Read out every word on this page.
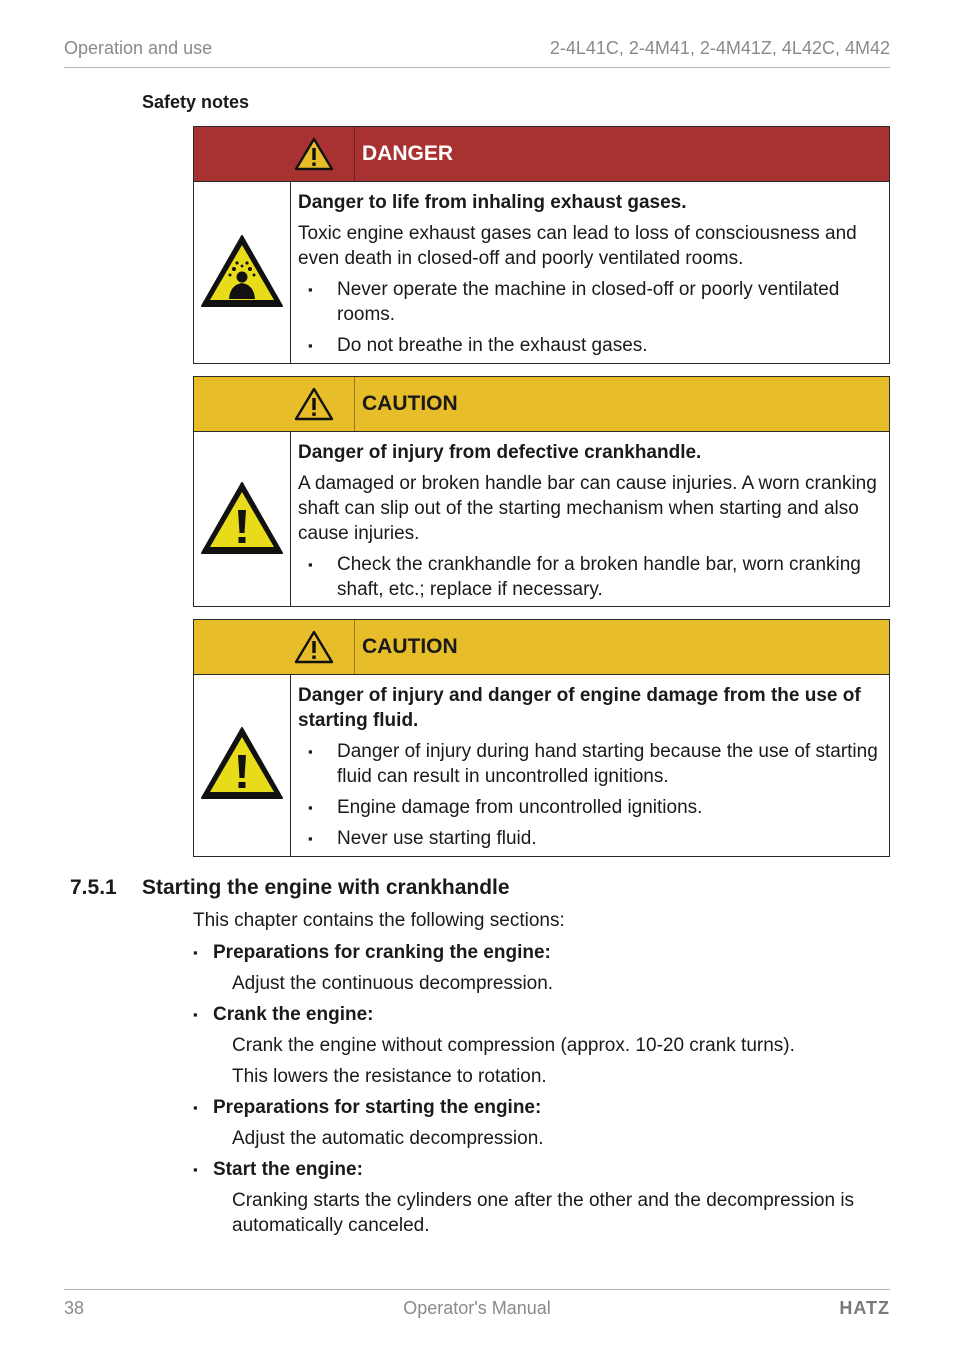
Operation and use	2-4L41C, 2-4M41, 2-4M41Z, 4L42C, 4M42
Safety notes
DANGER
Danger to life from inhaling exhaust gases.

Toxic engine exhaust gases can lead to loss of consciousness and even death in closed-off and poorly ventilated rooms.

▪ Never operate the machine in closed-off or poorly ventilated rooms.
▪ Do not breathe in the exhaust gases.
CAUTION
Danger of injury from defective crankhandle.

A damaged or broken handle bar can cause injuries. A worn cranking shaft can slip out of the starting mechanism when starting and also cause injuries.

▪ Check the crankhandle for a broken handle bar, worn cranking shaft, etc.; replace if necessary.
CAUTION
Danger of injury and danger of engine damage from the use of starting fluid.
▪ Danger of injury during hand starting because the use of starting fluid can result in uncontrolled ignitions.
▪ Engine damage from uncontrolled ignitions.
▪ Never use starting fluid.
7.5.1 Starting the engine with crankhandle
This chapter contains the following sections:
▪ Preparations for cranking the engine:
Adjust the continuous decompression.
▪ Crank the engine:
Crank the engine without compression (approx. 10-20 crank turns).
This lowers the resistance to rotation.
▪ Preparations for starting the engine:
Adjust the automatic decompression.
▪ Start the engine:
Cranking starts the cylinders one after the other and the decompression is automatically canceled.
38	Operator's Manual	HATZ
